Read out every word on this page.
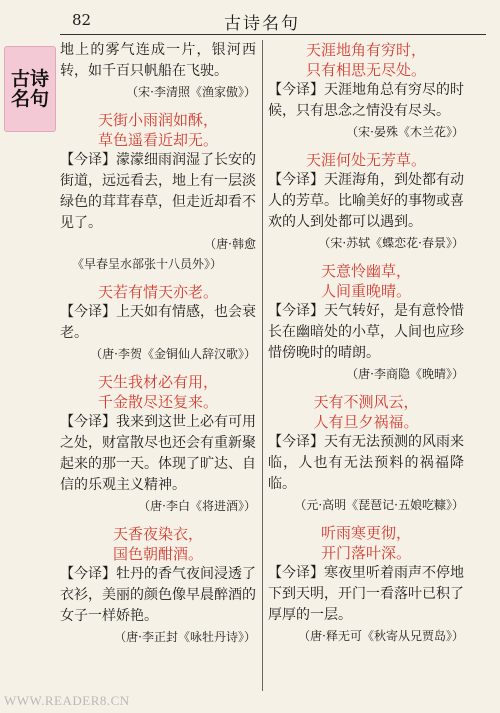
82	古诗名句
古诗名句
地上的雾气连成一片，银河西转，如千百只帆船在飞驶。
（宋·李清照《渔家傲》）
天街小雨润如酥，
草色遥看近却无。
【今译】濛濛细雨润湿了长安的街道，远远看去，地上有一层淡绿色的茸茸春草，但走近却看不见了。
（唐·韩愈
《早春呈水部张十八员外》）
天若有情天亦老。
【今译】上天如有情感，也会衰老。
（唐·李贺《金铜仙人辞汉歌》）
天生我材必有用，
千金散尽还复来。
【今译】我来到这世上必有可用之处，财富散尽也还会有重新聚起来的那一天。体现了旷达、自信的乐观主义精神。
（唐·李白《将进酒》）
天香夜染衣，
国色朝酣酒。
【今译】牡丹的香气夜间浸透了衣衫，美丽的颜色像早晨醉酒的女子一样娇艳。
（唐·李正封《咏牡丹诗》）
天涯地角有穷时，
只有相思无尽处。
【今译】天涯地角总有穷尽的时候，只有思念之情没有尽头。
（宋·晏殊《木兰花》）
天涯何处无芳草。
【今译】天涯海角，到处都有动人的芳草。比喻美好的事物或喜欢的人到处都可以遇到。
（宋·苏轼《蝶恋花·春景》）
天意怜幽草，
人间重晚晴。
【今译】天气转好，是有意怜惜长在幽暗处的小草，人间也应珍惜傍晚时的晴朗。
（唐·李商隐《晚晴》）
天有不测风云，
人有旦夕祸福。
【今译】天有无法预测的风雨来临，人也有无法预料的祸福降临。
（元·高明《琵琶记·五娘吃糠》）
听雨寒更彻，
开门落叶深。
【今译】寒夜里听着雨声不停地下到天明，开门一看落叶已积了厚厚的一层。
（唐·释无可《秋寄从兄贾岛》）
WWW.READER8.CN
